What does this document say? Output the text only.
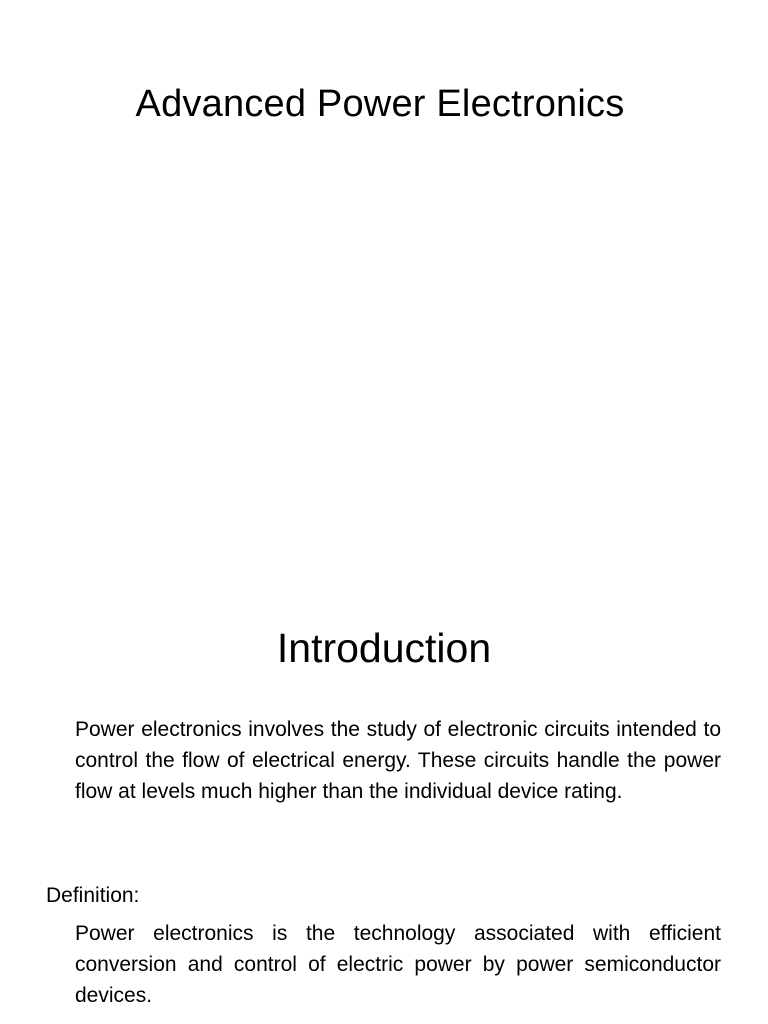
Advanced Power Electronics
Introduction

Power electronics involves the study of electronic circuits intended to control the flow of electrical energy. These circuits handle the power flow at levels much higher than the individual device rating.

Definition:

Power electronics is the technology associated with efficient conversion and control of electric power by power semiconductor devices.
